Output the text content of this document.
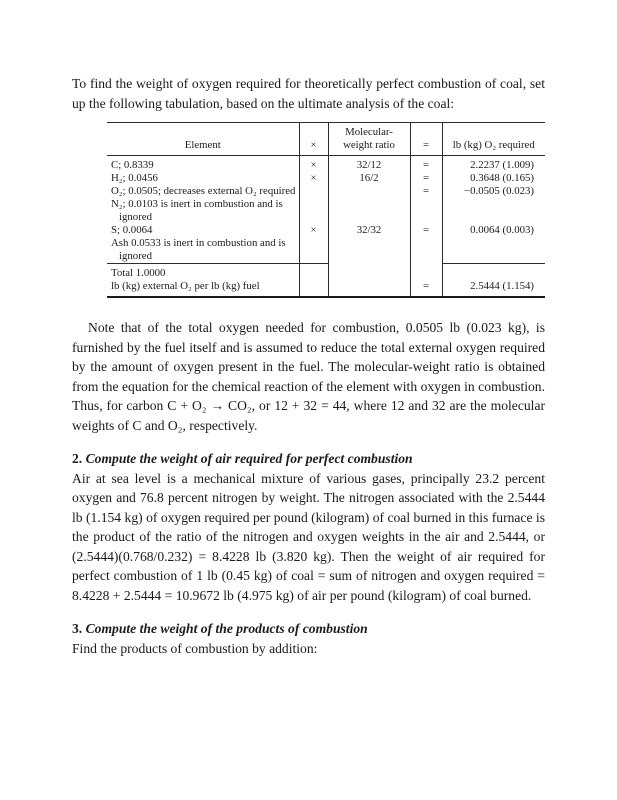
To find the weight of oxygen required for theoretically perfect combustion of coal, set up the following tabulation, based on the ultimate analysis of the coal:

Element	×	Molecular-weight ratio	=	lb (kg) O₂ required
C; 0.8339	×	32/12	=	2.2237 (1.009)
H₂; 0.0456	×	16/2	=	0.3648 (0.165)
O₂; 0.0505; decreases external O₂ required			=	−0.0505 (0.023)
N₂; 0.0103 is inert in combustion and is ignored				
S; 0.0064	×	32/32	=	0.0064 (0.003)
Ash 0.0533 is inert in combustion and is ignored				

Total 1.0000
lb (kg) external O₂ per lb (kg) fuel			=	2.5444 (1.154)

Note that of the total oxygen needed for combustion, 0.0505 lb (0.023 kg), is furnished by the fuel itself and is assumed to reduce the total external oxygen required by the amount of oxygen present in the fuel. The molecular-weight ratio is obtained from the equation for the chemical reaction of the element with oxygen in combustion. Thus, for carbon C + O₂ → CO₂, or 12 + 32 = 44, where 12 and 32 are the molecular weights of C and O₂, respectively.

2. Compute the weight of air required for perfect combustion

Air at sea level is a mechanical mixture of various gases, principally 23.2 percent oxygen and 76.8 percent nitrogen by weight. The nitrogen associated with the 2.5444 lb (1.154 kg) of oxygen required per pound (kilogram) of coal burned in this furnace is the product of the ratio of the nitrogen and oxygen weights in the air and 2.5444, or (2.5444)(0.768/0.232) = 8.4228 lb (3.820 kg). Then the weight of air required for perfect combustion of 1 lb (0.45 kg) of coal = sum of nitrogen and oxygen required = 8.4228 + 2.5444 = 10.9672 lb (4.975 kg) of air per pound (kilogram) of coal burned.

3. Compute the weight of the products of combustion

Find the products of combustion by addition:
